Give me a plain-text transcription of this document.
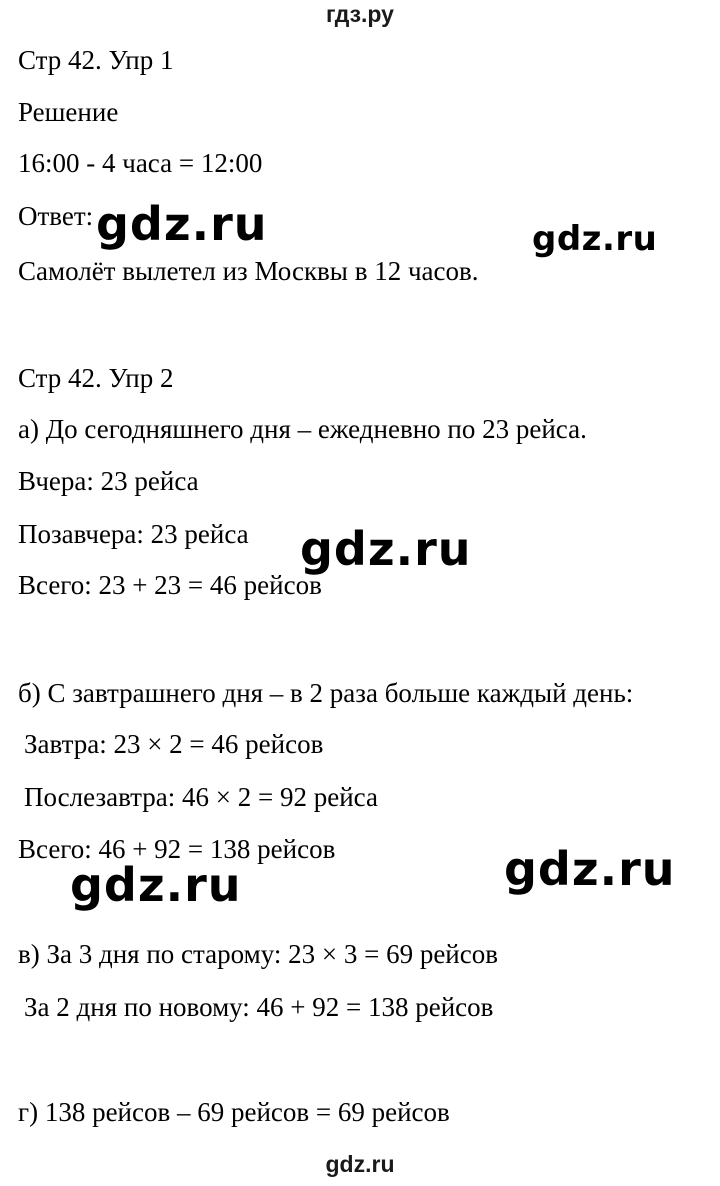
гдз.ру
Стр 42. Упр 1
Решение
16:00 - 4 часа = 12:00
Ответ:
Самолёт вылетел из Москвы в 12 часов.
Стр 42. Упр 2
а) До сегодняшнего дня – ежедневно по 23 рейса.
Вчера: 23 рейса
Позавчера: 23 рейса
Всего: 23 + 23 = 46 рейсов
б) С завтрашнего дня – в 2 раза больше каждый день:
Завтра: 23 × 2 = 46 рейсов
Послезавтра: 46 × 2 = 92 рейса
Всего: 46 + 92 = 138 рейсов
в) За 3 дня по старому: 23 × 3 = 69 рейсов
За 2 дня по новому: 46 + 92 = 138 рейсов
г) 138 рейсов – 69 рейсов = 69 рейсов
gdz.ru	gdz.ru
gdz.ru
gdz.ru
gdz.ru
gdz.ru
